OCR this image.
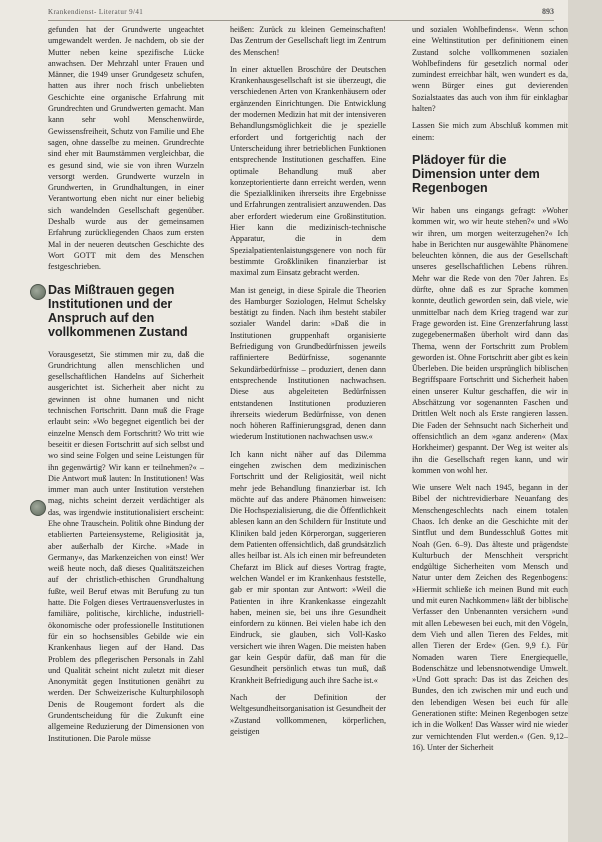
Krankendienst- Literatur 9/41	893

gefunden hat der Grundwerte ungeachtet umgewandelt werden. Je nachdem, ob sie der Mutter neben keine spezifische Lücke anwachsen. Der Mehrzahl unter Frauen und Männer, die 1949 unser Grundgesetz schufen, hatten aus ihrer noch frisch unbeliebten Geschichte eine organische Erfahrung mit Grundrechten und Grundwerten gemacht. Man kann sehr wohl Menschenwürde, Gewissensfreiheit, Schutz von Familie und Ehe sagen, ohne dasselbe zu meinen. Grundrechte sind eher mit Baumstämmen vergleichbar, die es gesund sind, wie sie von ihren Wurzeln versorgt werden. Grundwerte wurzeln in Grundwerten, in Grundhaltungen, in einer Verantwortung eben nicht nur einer beliebig sich wandelnden Gesellschaft gegenüber. Deshalb wurde aus der gemeinsamen Erfahrung zurückliegenden Chaos zum ersten Mal in der neueren deutschen Geschichte des Wort GOTT mit dem des Menschen festgeschrieben.

Das Mißtrauen gegen Institutionen und der Anspruch auf den vollkommenen Zustand

Vorausgesetzt, Sie stimmen mir zu, daß die Grundrichtung allen menschlichen und gesellschaftlichen Handelns auf Sicherheit ausgerichtet ist. Sicherheit aber nicht zu gewinnen ist ohne humanen und nicht technischen Fortschritt. Dann muß die Frage erlaubt sein: »Wo begegnet eigentlich bei der einzelne Mensch dem Fortschritt? Wo tritt wie beseitit er diesen Fortschritt auf sich selbst und wo sind seine Folgen und seine Leistungen für ihn gegenwärtig? Wir kann er teilnehmen?« – Die Antwort muß lauten: In Institutionen! Was immer man auch unter Institution verstehen mag, nichts scheint derzeit verdächtiger als das, was irgendwie institutionalisiert erscheint: Ehe ohne Trauschein. Politik ohne Bindung der etablierten Parteiensysteme, Religiosität ja, aber außerhalb der Kirche. »Made in Germany«, das Markenzeichen von einst! Wer weiß heute noch, daß dieses Qualitätszeichen auf der christlich-ethischen Grundhaltung fußte, weil Beruf etwas mit Berufung zu tun hatte. Die Folgen dieses Vertrauensverlustes in familiäre, politische, kirchliche, industriell-ökonomische oder professionelle Institutionen für ein so hochsensibles Gebilde wie ein Krankenhaus liegen auf der Hand. Das Problem des pflegerischen Personals in Zahl und Qualität scheint nicht zuletzt mit dieser Anonymität gegen Institutionen genährt zu werden. Der Schweizerische Kulturphilosoph Denis de Rougemont fordert als die Grundentscheidung für die Zukunft eine allgemeine Reduzierung der Dimensionen von Institutionen. Die Parole müsse

heißen: Zurück zu kleinen Gemeinschaften! Das Zentrum der Gesellschaft liegt im Zentrum des Menschen!

In einer aktuellen Broschüre der Deutschen Krankenhausgesellschaft ist sie überzeugt, die verschiedenen Arten von Krankenhäusern oder ergänzenden Einrichtungen. Die Entwicklung der modernen Medizin hat mit der intensiveren Behandlungsmöglichkeit die je spezielle erfordert und fortgerichtig nach der Unterscheidung ihrer betrieblichen Funktionen entsprechende Institutionen geschaffen. Eine optimale Behandlung muß aber konzeptorientierte dann erreicht werden, wenn die Spezialkliniken ihrerseits ihre Ergebnisse und Erfahrungen zentralisiert anzuwenden. Das aber erfordert wiederum eine Großinstitution. Hier kann die medizinisch-technische Apparatur, die in dem Spezialpatientenlaistungsgenere von noch für bestimmte Großkliniken finanzierbar ist maximal zum Einsatz gebracht werden.

Man ist geneigt, in diese Spirale die Theorien des Hamburger Soziologen, Helmut Schelsky bestätigt zu finden. Nach ihm besteht stabiler sozialer Wandel darin: »Daß die in Institutionen gruppenhaft organisierte Befriedigung von Grundbedürfnissen jeweils raffiniertere Bedürfnisse, sogenannte Sekundärbedürfnisse – produziert, denen dann entsprechende Institutionen nachwachsen. Diese aus abgeleiteten Bedürfnissen entstandenen Institutionen produzieren ihrerseits wiederum Bedürfnisse, von denen noch höheren Raffinierungsgrad, denen dann wiederum Institutionen nachwachsen usw.«

Ich kann nicht näher auf das Dilemma eingehen zwischen dem medizinischen Fortschritt und der Religiosität, weil nicht mehr jede Behandlung finanzierbar ist. Ich möchte auf das andere Phänomen hinweisen: Die Hochspezialisierung, die die Öffentlichkeit ablesen kann an den Schildern für Institute und Kliniken bald jeden Körperorgan, suggerieren dem Patienten offensichtlich, daß grundsätzlich alles heilbar ist. Als ich einen mir befreundeten Chefarzt im Blick auf dieses Vortrag fragte, welchen Wandel er im Krankenhaus feststelle, gab er mir spontan zur Antwort: »Weil die Patienten in ihre Krankenkasse eingezahlt haben, meinen sie, bei uns ihre Gesundheit einfordern zu können. Bei vielen habe ich den Eindruck, sie glauben, sich Voll-Kasko versichert wie ihren Wagen. Die meisten haben gar kein Gespür dafür, daß man für die Gesundheit persönlich etwas tun muß, daß Krankheit Befriedigung auch ihre Sache ist.«

Nach der Definition der Weltgesundheitsorganisation ist Gesundheit der »Zustand vollkommenen, körperlichen, geistigen

und sozialen Wohlbefindens«. Wenn schon eine Weltinstitution per definitionem einen Zustand solche vollkommenen sozialen Wohlbefindens für gesetzlich normal oder zumindest erreichbar hält, wen wundert es da, wenn Bürger eines gut devierenden Sozialstaates das auch von ihm für einklagbar halten?

Lassen Sie mich zum Abschluß kommen mit einem:

Plädoyer für die Dimension unter dem Regenbogen

Wir haben uns eingangs gefragt: »Woher kommen wir, wo wir heute stehen?« und »Wo wir ihren, um morgen weiterzugehen?« Ich habe in Berichten nur ausgewählte Phänomene beleuchten können, die aus der Gesellschaft unseres gesellschaftlichen Lebens rühren. Mehr war die Rede von den 70er Jahren. Es dürfte, ohne daß es zur Sprache kommen konnte, deutlich geworden sein, daß viele, wie unmittelbar nach dem Krieg tragend war zur Frage geworden ist. Eine Grenzerfahrung lasst zugegebenermaßen überholt wird dann das Thema, wenn der Fortschritt zum Problem geworden ist. Ohne Fortschritt aber gibt es kein Überleben. Die beiden ursprünglich biblischen Begriffspaare Fortschritt und Sicherheit haben einen unserer Kultur geschaffen, die wir in Abschätzung vor sogenannten Faschen und Drittlen Welt noch als Erste rangieren lassen. Die Faden der Sehnsucht nach Sicherheit und offensichtlich an dem »ganz anderen« (Max Horkheimer) gespannt. Der Weg ist weiter als ihn die Gesellschaft regen kann, und wir kommen von wohl her.

Wie unsere Welt nach 1945, begann in der Bibel der nichtrevidierbare Neuanfang des Menschengeschlechts nach einem totalen Chaos. Ich denke an die Geschichte mit der Sintflut und dem Bundesschluß Gottes mit Noah (Gen. 6–9). Das älteste und prägendste Kulturbuch der Menschheit verspricht endgültige Sicherheiten vom Mensch und Natur unter dem Zeichen des Regenbogens: »Hiermit schließe ich meinen Bund mit euch und mit euren Nachkommen« läßt der biblische Verfasser den Unbenannten versichern »und mit allen Lebewesen bei euch, mit den Vögeln, dem Vieh und allen Tieren des Feldes, mit allen Tieren der Erde« (Gen. 9,9 f.). Für Nomaden waren Tiere Energiequelle, Bodenschätze und lebensnotwendige Umwelt. »Und Gott sprach: Das ist das Zeichen des Bundes, den ich zwischen mir und euch und den lebendigen Wesen bei euch für alle Generationen stifte: Meinen Regenbogen setze ich in die Wolken! Das Wasser wird nie wieder zur vernichtenden Flut werden.« (Gen. 9,12–16). Unter der Sicherheit
